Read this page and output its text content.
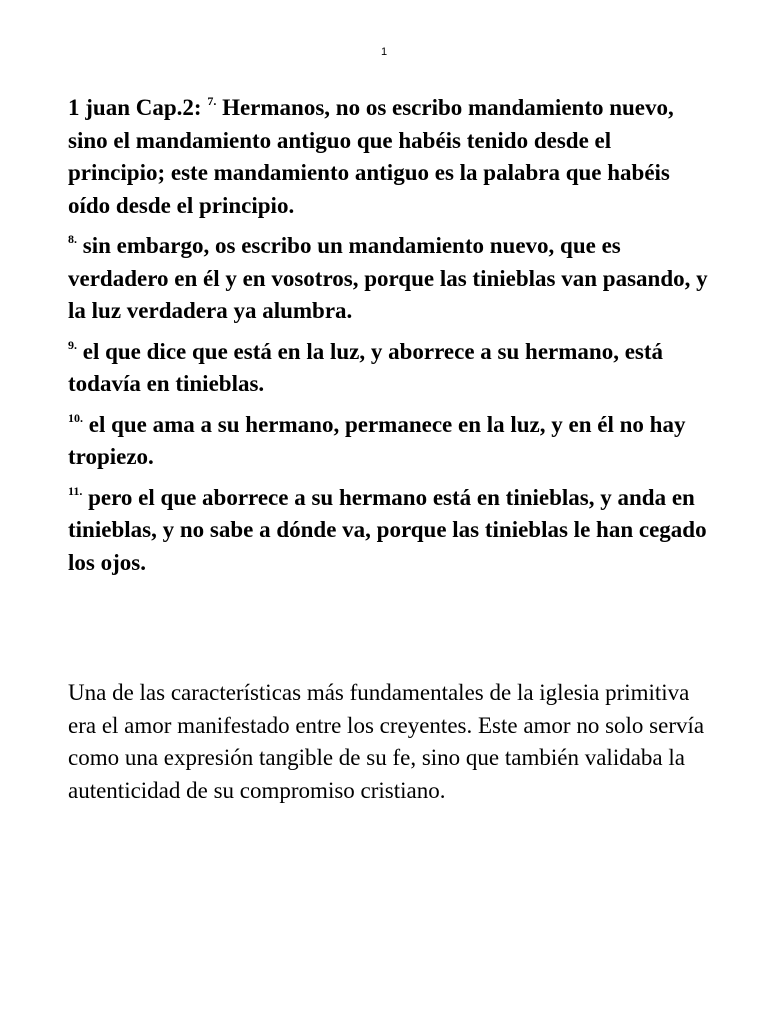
1

1 juan Cap.2: $^{7.}$ Hermanos, no os escribo mandamiento nuevo, sino el mandamiento antiguo que habéis tenido desde el principio; este mandamiento antiguo es la palabra que habéis oído desde el principio.

$^{8.}$ sin embargo, os escribo un mandamiento nuevo, que es verdadero en él y en vosotros, porque las tinieblas van pasando, y la luz verdadera ya alumbra.

$^{9.}$ el que dice que está en la luz, y aborrece a su hermano, está todavía en tinieblas.

$^{10.}$ el que ama a su hermano, permanece en la luz, y en él no hay tropiezo.

$^{11.}$ pero el que aborrece a su hermano está en tinieblas, y anda en tinieblas, y no sabe a dónde va, porque las tinieblas le han cegado los ojos.

Una de las características más fundamentales de la iglesia primitiva era el amor manifestado entre los creyentes. Este amor no solo servía como una expresión tangible de su fe, sino que también validaba la autenticidad de su compromiso cristiano.
